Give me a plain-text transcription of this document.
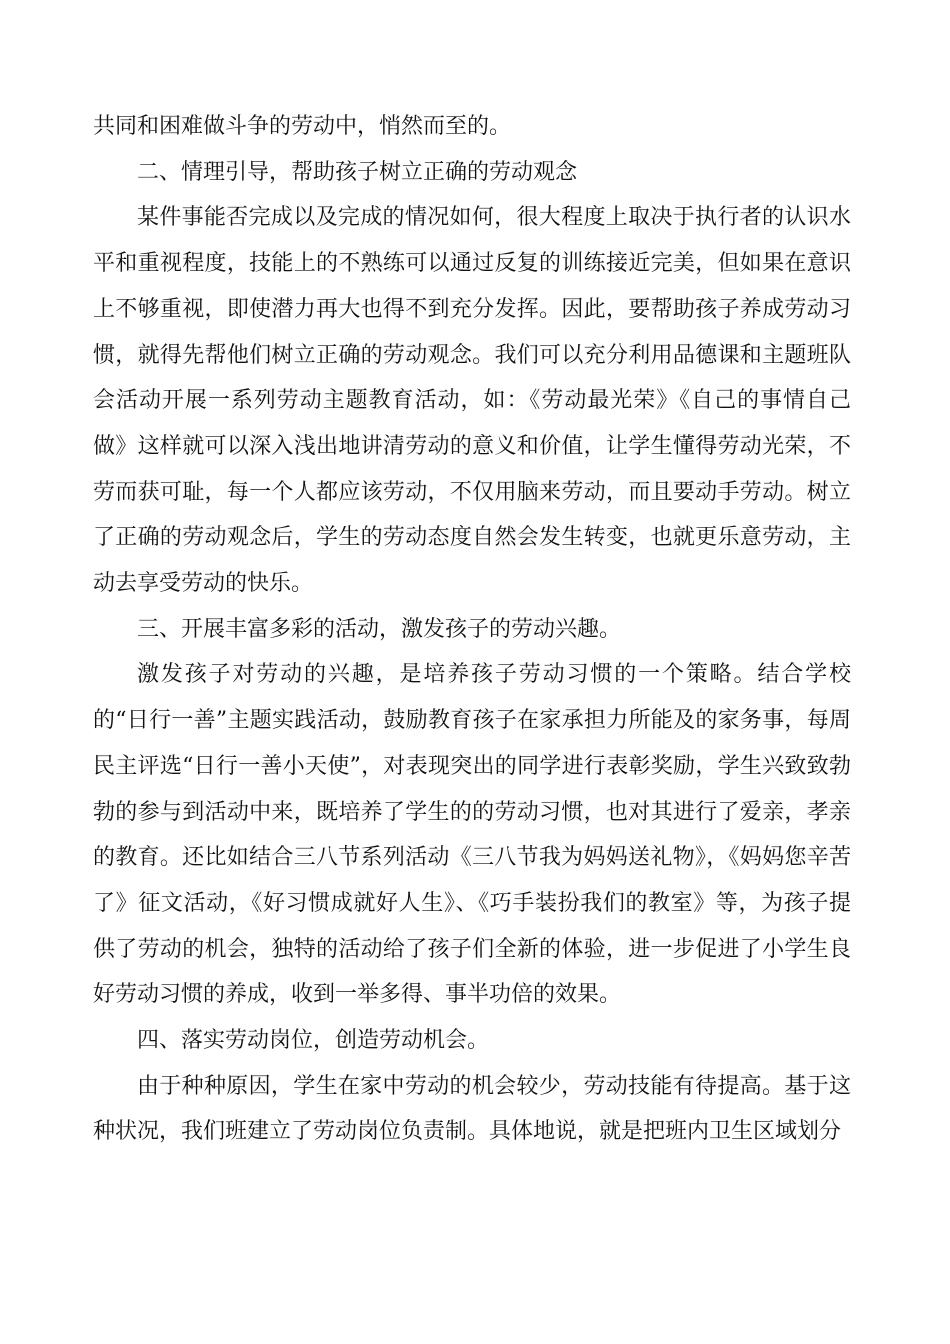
共同和困难做斗争的劳动中，悄然而至的。

二、情理引导，帮助孩子树立正确的劳动观念

某件事能否完成以及完成的情况如何，很大程度上取决于执行者的认识水平和重视程度，技能上的不熟练可以通过反复的训练接近完美，但如果在意识上不够重视，即使潜力再大也得不到充分发挥。因此，要帮助孩子养成劳动习惯，就得先帮他们树立正确的劳动观念。我们可以充分利用品德课和主题班队会活动开展一系列劳动主题教育活动，如：《劳动最光荣》《自己的事情自己做》这样就可以深入浅出地讲清劳动的意义和价值，让学生懂得劳动光荣，不劳而获可耻，每一个人都应该劳动，不仅用脑来劳动，而且要动手劳动。树立了正确的劳动观念后，学生的劳动态度自然会发生转变，也就更乐意劳动，主动去享受劳动的快乐。

三、开展丰富多彩的活动，激发孩子的劳动兴趣。

激发孩子对劳动的兴趣，是培养孩子劳动习惯的一个策略。结合学校的“日行一善”主题实践活动，鼓励教育孩子在家承担力所能及的家务事，每周民主评选“日行一善小天使”，对表现突出的同学进行表彰奖励，学生兴致致勃勃的参与到活动中来，既培养了学生的的劳动习惯，也对其进行了爱亲，孝亲的教育。还比如结合三八节系列活动《三八节我为妈妈送礼物》，《妈妈您辛苦了》征文活动，《好习惯成就好人生》、《巧手装扮我们的教室》等，为孩子提供了劳动的机会，独特的活动给了孩子们全新的体验，进一步促进了小学生良好劳动习惯的养成，收到一举多得、事半功倍的效果。

四、落实劳动岗位，创造劳动机会。

由于种种原因，学生在家中劳动的机会较少，劳动技能有待提高。基于这种状况，我们班建立了劳动岗位负责制。具体地说，就是把班内卫生区域划分
